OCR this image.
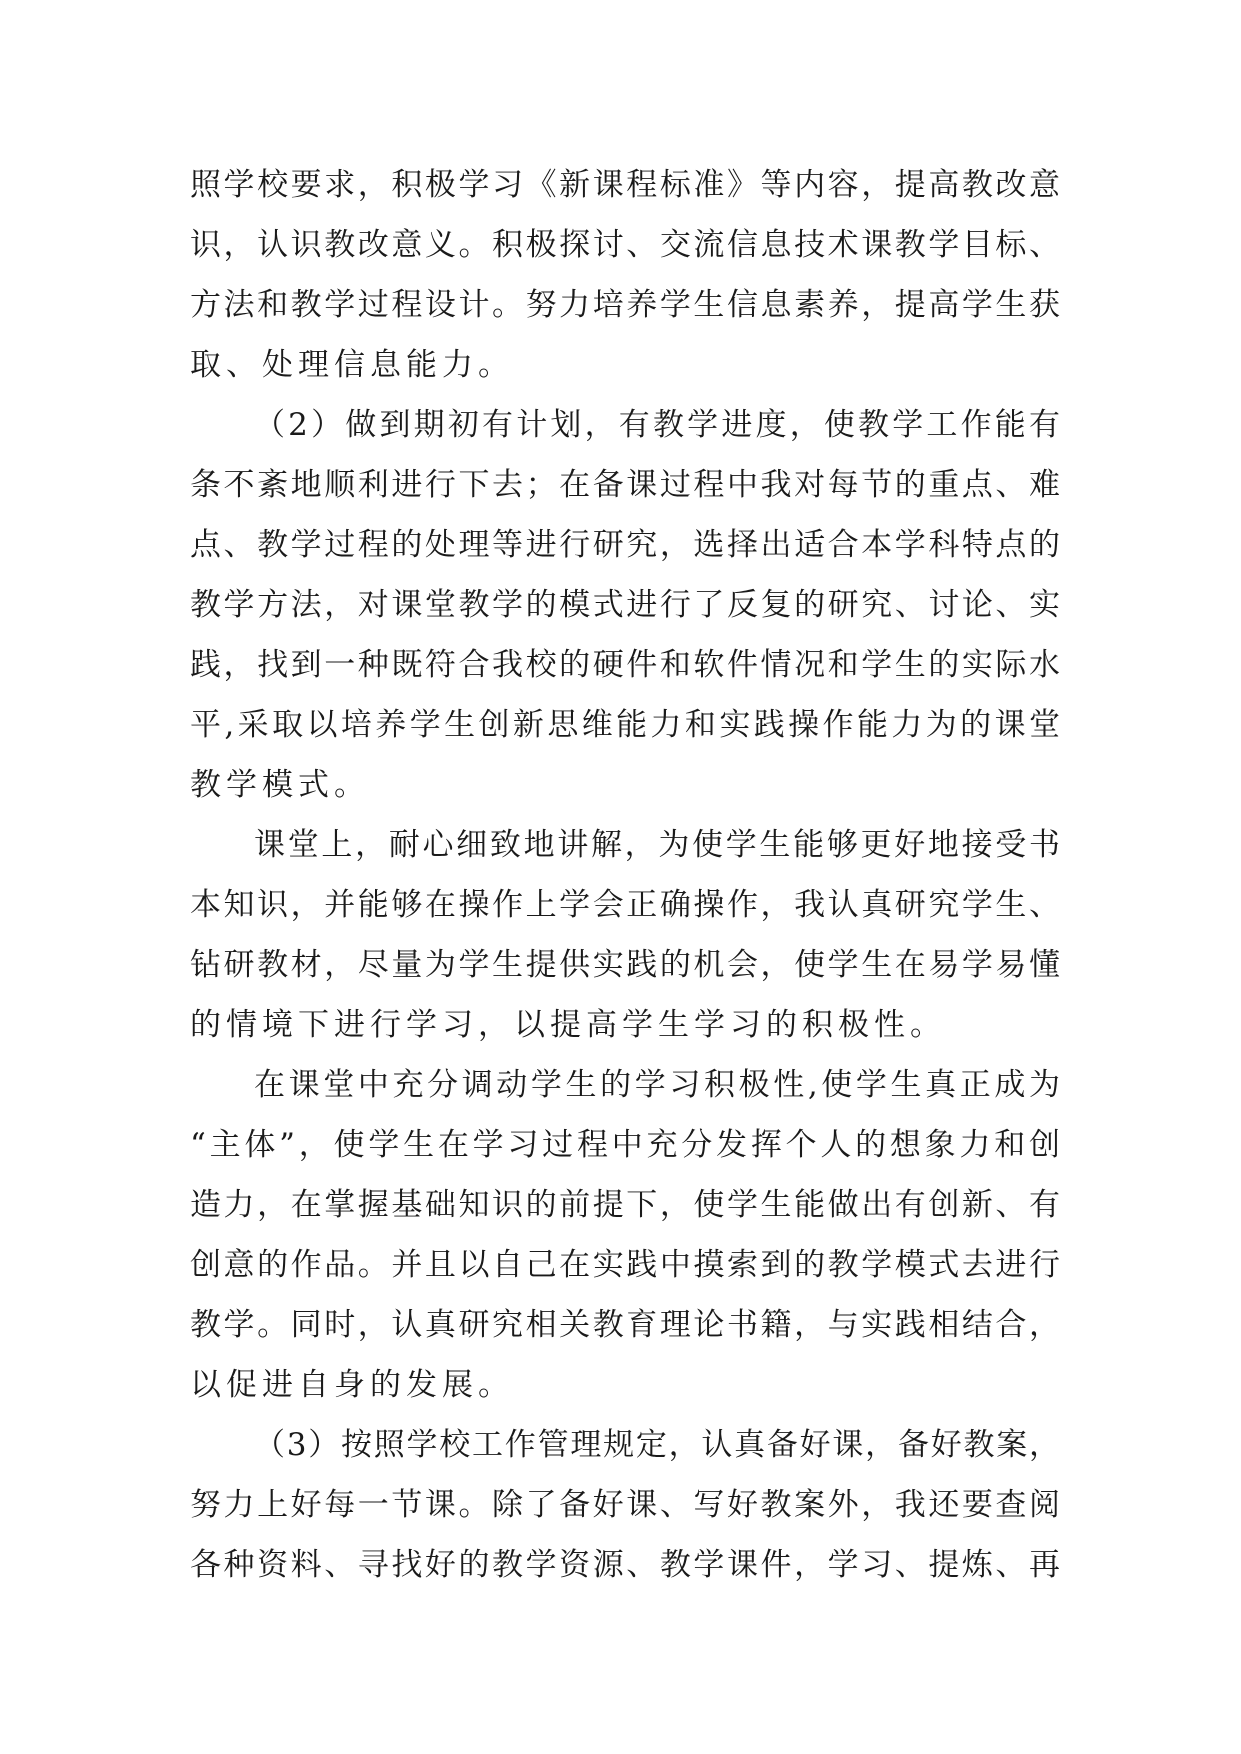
照学校要求，积极学习《新课程标准》等内容，提高教改意
识，认识教改意义。积极探讨、交流信息技术课教学目标、
方法和教学过程设计。努力培养学生信息素养，提高学生获
取、处理信息能力。
（2）做到期初有计划，有教学进度，使教学工作能有
条不紊地顺利进行下去；在备课过程中我对每节的重点、难
点、教学过程的处理等进行研究，选择出适合本学科特点的
教学方法，对课堂教学的模式进行了反复的研究、讨论、实
践，找到一种既符合我校的硬件和软件情况和学生的实际水
平,采取以培养学生创新思维能力和实践操作能力为的课堂
教学模式。
课堂上，耐心细致地讲解，为使学生能够更好地接受书
本知识，并能够在操作上学会正确操作，我认真研究学生、
钻研教材，尽量为学生提供实践的机会，使学生在易学易懂
的情境下进行学习，以提高学生学习的积极性。
在课堂中充分调动学生的学习积极性,使学生真正成为
“主体”，使学生在学习过程中充分发挥个人的想象力和创
造力，在掌握基础知识的前提下，使学生能做出有创新、有
创意的作品。并且以自己在实践中摸索到的教学模式去进行
教学。同时，认真研究相关教育理论书籍，与实践相结合，
以促进自身的发展。
（3）按照学校工作管理规定，认真备好课，备好教案，
努力上好每一节课。除了备好课、写好教案外，我还要查阅
各种资料、寻找好的教学资源、教学课件，学习、提炼、再
